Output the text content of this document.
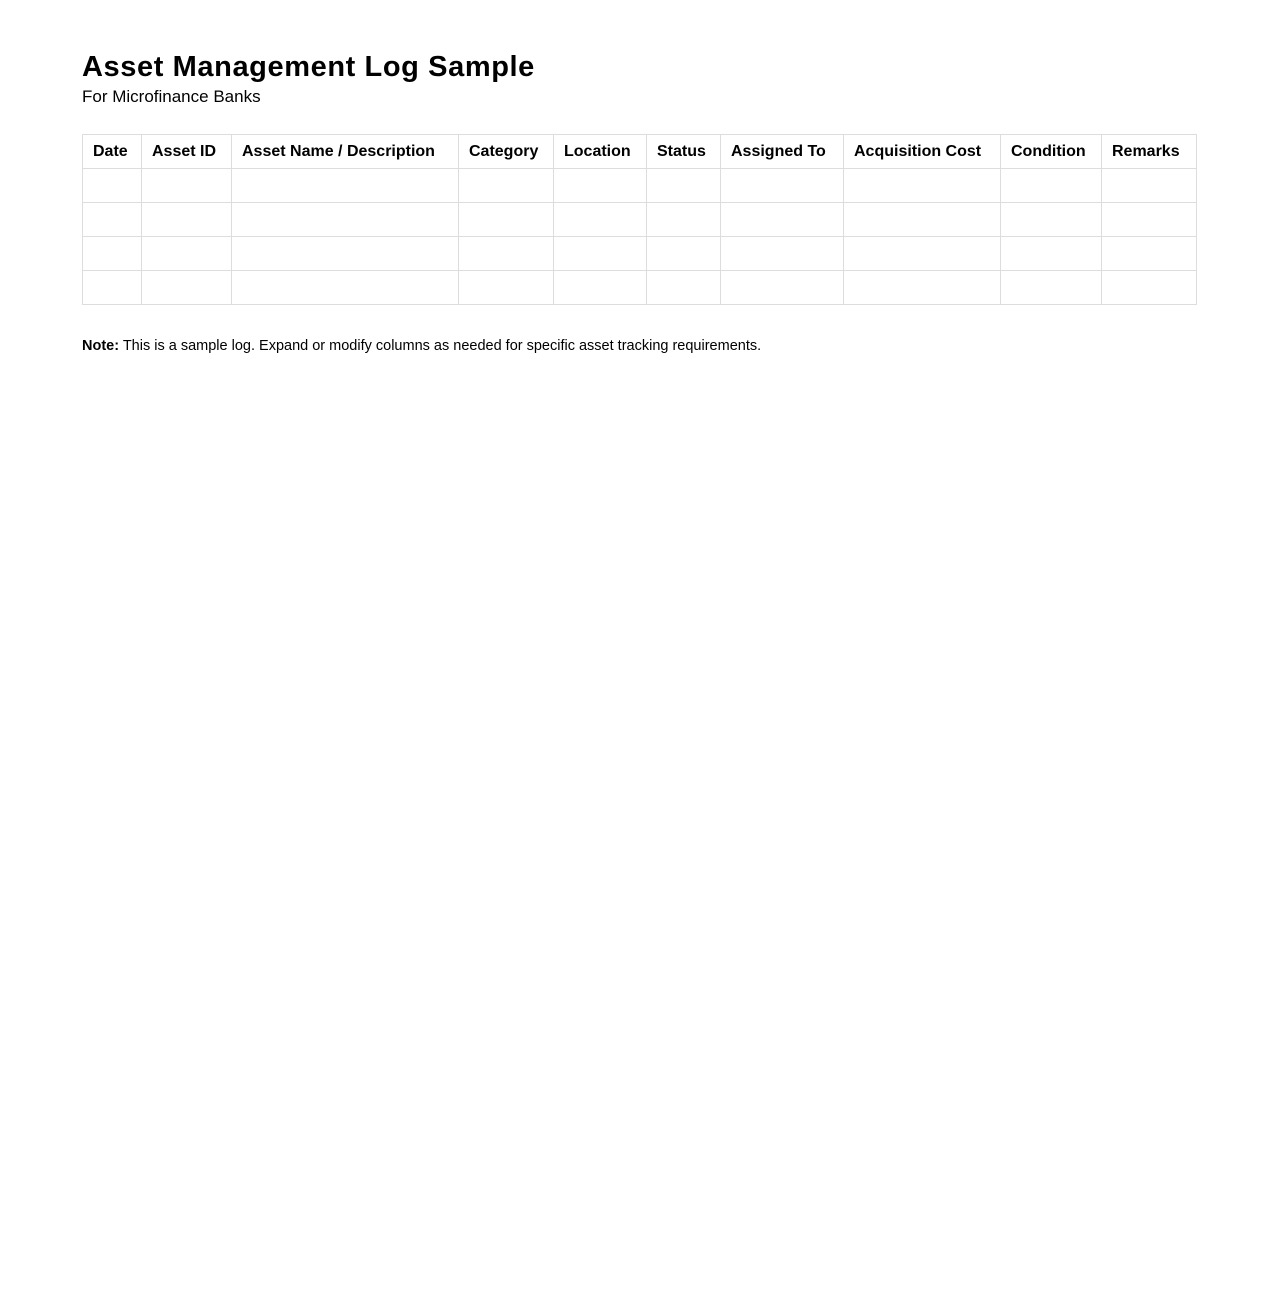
Asset Management Log Sample
For Microfinance Banks
Date	Asset ID	Asset Name / Description	Category	Location	Status	Assigned To	Acquisition Cost	Condition	Remarks

Note: This is a sample log. Expand or modify columns as needed for specific asset tracking requirements.
